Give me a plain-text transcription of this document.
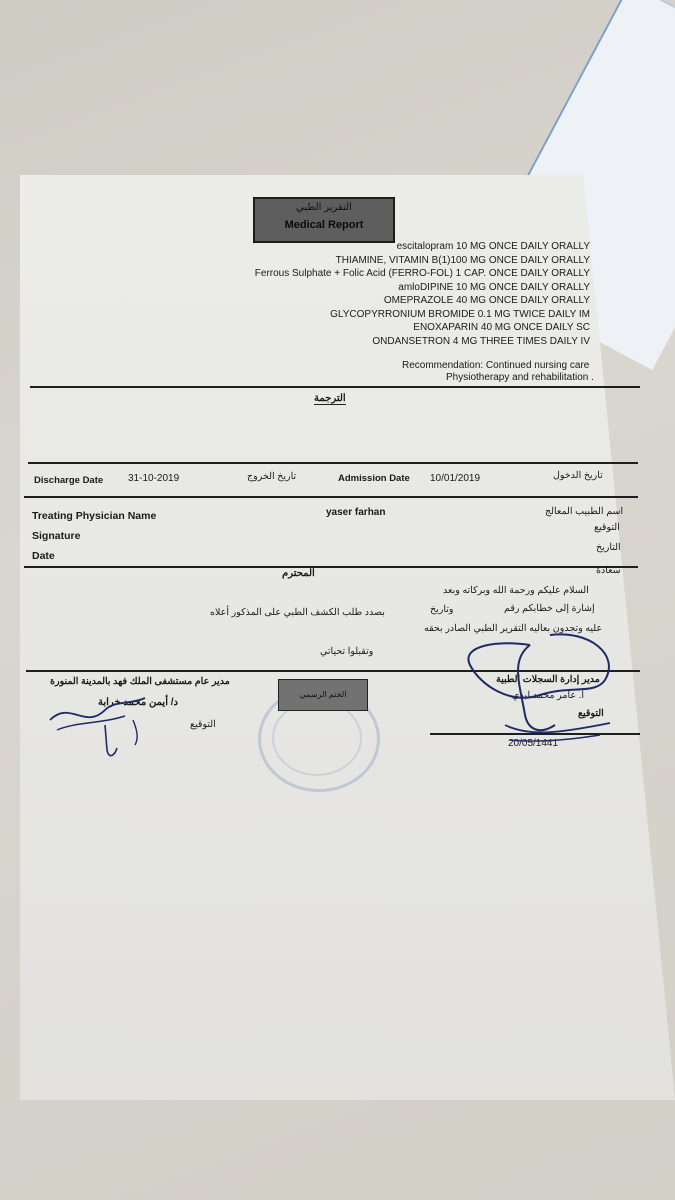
التقرير الطبي
Medical Report
escitalopram 10 MG ONCE DAILY ORALLY
THIAMINE, VITAMIN B(1)100 MG ONCE DAILY ORALLY
Ferrous Sulphate + Folic Acid (FERRO-FOL) 1 CAP. ONCE DAILY ORALLY
amloDIPINE 10 MG ONCE DAILY ORALLY
OMEPRAZOLE 40 MG ONCE DAILY ORALLY
GLYCOPYRRONIUM BROMIDE 0.1 MG TWICE DAILY IM
ENOXAPARIN 40 MG ONCE DAILY SC
ONDANSETRON 4 MG THREE TIMES DAILY IV
Recommendation: Continued nursing care
Physiotherapy and rehabilitation .
الترجمة
Discharge Date 31-10-2019	تاريخ الخروج	Admission Date 10/01/2019	تاريخ الدخول
Treating Physician Name	yaser farhan	اسم الطبيب المعالج
Signature
التوقيع
Date
التاريخ
سعادة
المحترم
السلام عليكم ورحمة الله وبركاته وبعد
إشارة إلى خطابكم رقم
وتاريخ
بصدد طلب الكشف الطبي على المذكور أعلاه
عليه وتجدون بعاليه التقرير الطبي الصادر بحقه
وتقبلوا تحياتي
مدير عام مستشفى الملك فهد بالمدينة المنورة
د/ أيمن محمد خرابة
التوقيع
الختم الرسمي
مدير إدارة السجلات الطبية
أ. عامر محمد لبدي
التوقيع
20/05/1441
